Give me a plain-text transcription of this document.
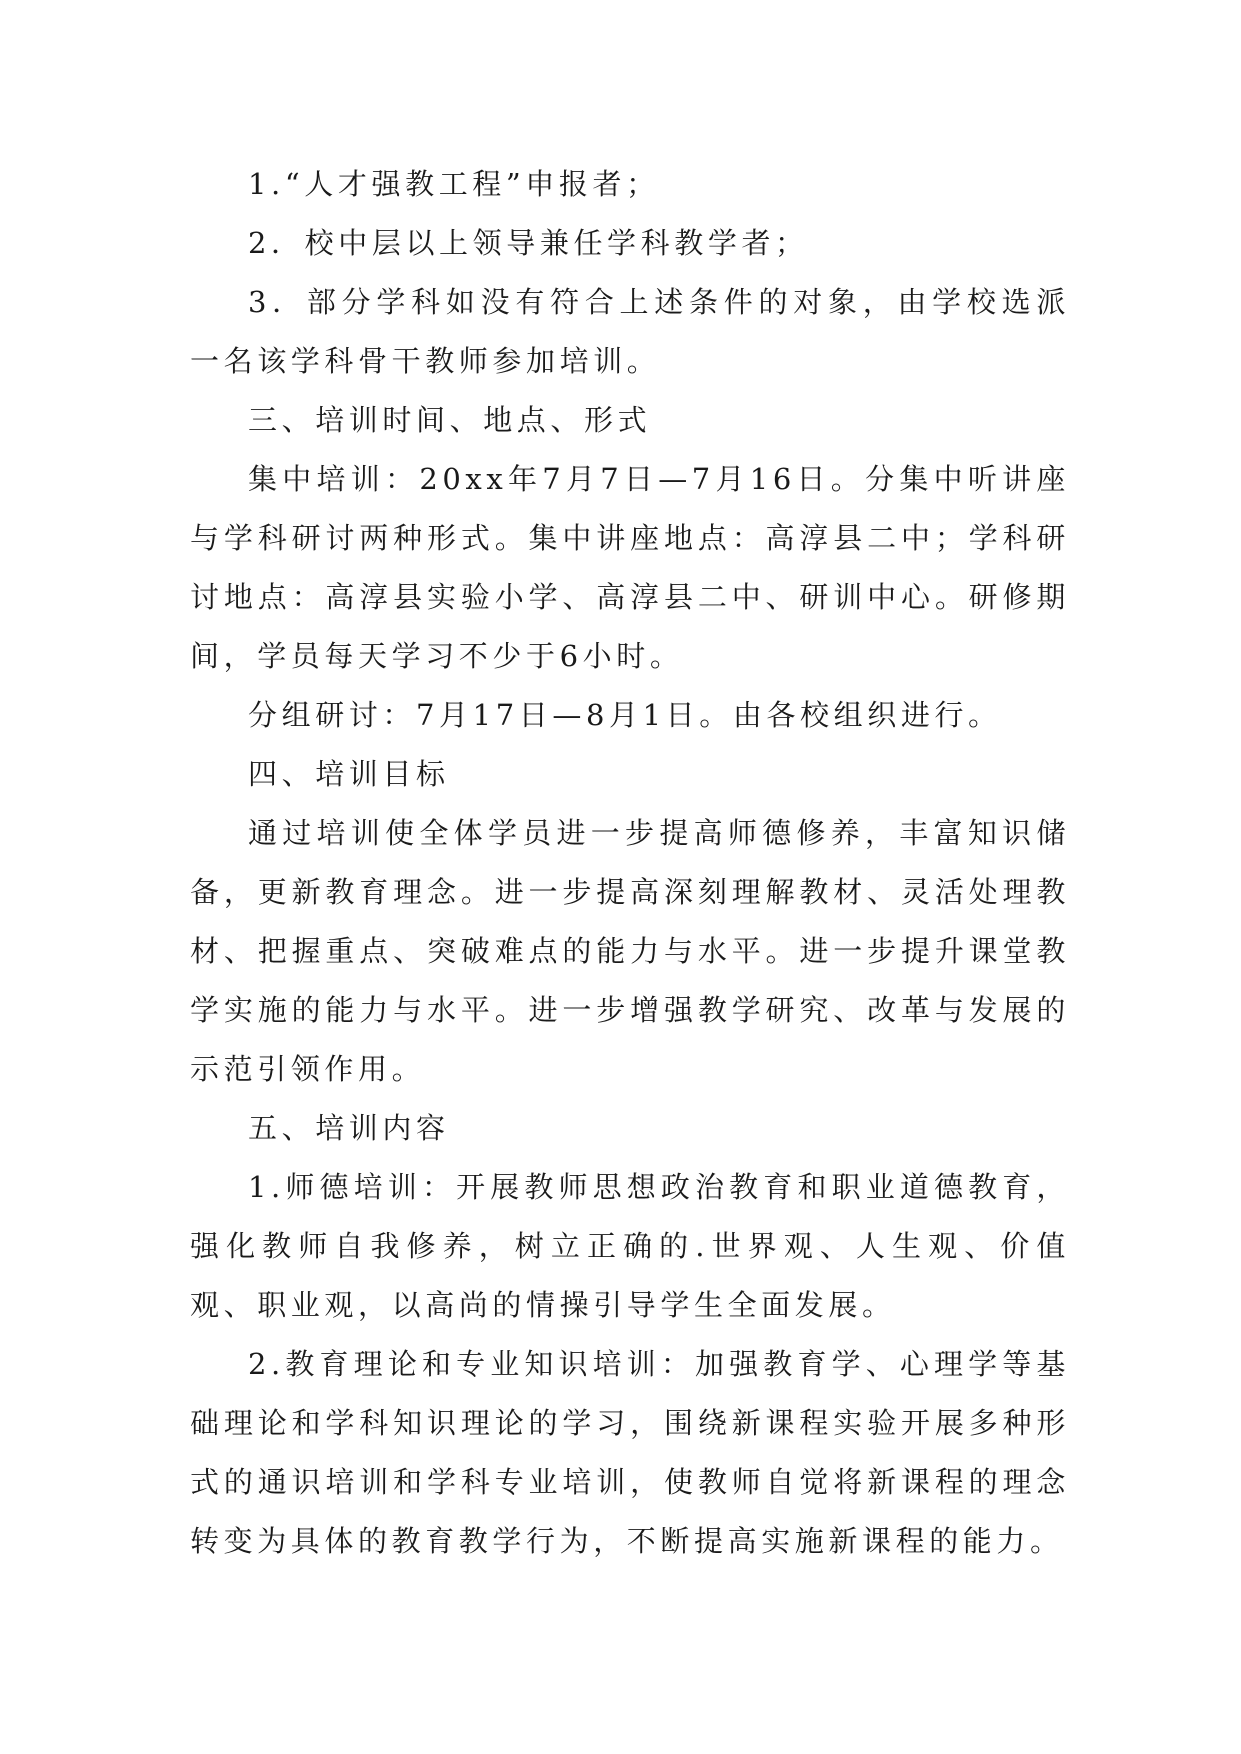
1.“人才强教工程”申报者；

2．校中层以上领导兼任学科教学者；

3．部分学科如没有符合上述条件的对象，由学校选派一名该学科骨干教师参加培训。

三、培训时间、地点、形式

集中培训：20xx年7月7日—7月16日。分集中听讲座与学科研讨两种形式。集中讲座地点：高淳县二中；学科研讨地点：高淳县实验小学、高淳县二中、研训中心。研修期间，学员每天学习不少于6小时。

分组研讨：7月17日—8月1日。由各校组织进行。

四、培训目标

通过培训使全体学员进一步提高师德修养，丰富知识储备，更新教育理念。进一步提高深刻理解教材、灵活处理教材、把握重点、突破难点的能力与水平。进一步提升课堂教学实施的能力与水平。进一步增强教学研究、改革与发展的示范引领作用。

五、培训内容

1.师德培训：开展教师思想政治教育和职业道德教育，强化教师自我修养，树立正确的.世界观、人生观、价值观、职业观，以高尚的情操引导学生全面发展。

2.教育理论和专业知识培训：加强教育学、心理学等基础理论和学科知识理论的学习，围绕新课程实验开展多种形式的通识培训和学科专业培训，使教师自觉将新课程的理念转变为具体的教育教学行为，不断提高实施新课程的能力。
